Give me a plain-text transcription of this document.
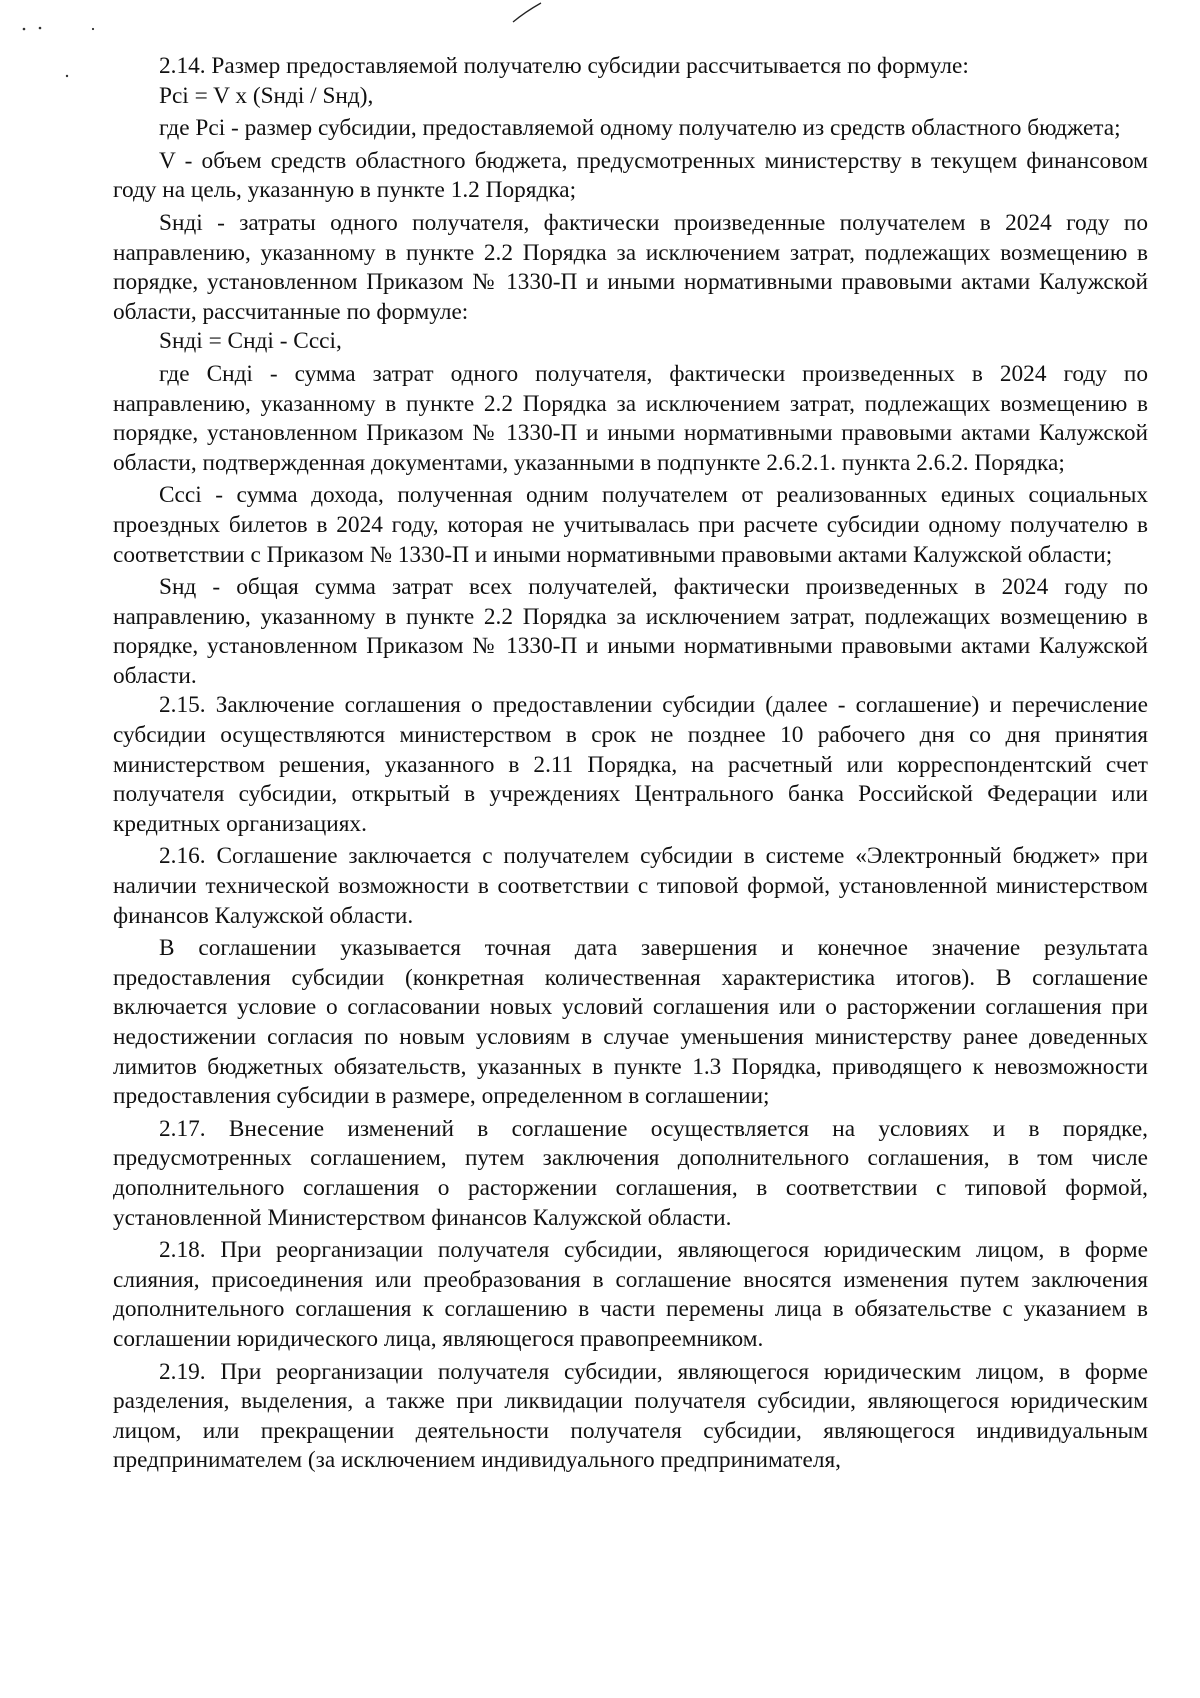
2.14. Размер предоставляемой получателю субсидии рассчитывается по формуле:

Pci = V x (Sндi / Sнд),

где Pci - размер субсидии, предоставляемой одному получателю из средств областного бюджета;

V - объем средств областного бюджета, предусмотренных министерству в текущем финансовом году на цель, указанную в пункте 1.2 Порядка;

Sндi - затраты одного получателя, фактически произведенные получателем в 2024 году по направлению, указанному в пункте 2.2 Порядка за исключением затрат, подлежащих возмещению в порядке, установленном Приказом № 1330-П и иными нормативными правовыми актами Калужской области, рассчитанные по формуле:

Sндi = Cндi - Cccі,

где Cндi - сумма затрат одного получателя, фактически произведенных в 2024 году по направлению, указанному в пункте 2.2 Порядка за исключением затрат, подлежащих возмещению в порядке, установленном Приказом № 1330-П и иными нормативными правовыми актами Калужской области, подтвержденная документами, указанными в подпункте 2.6.2.1. пункта 2.6.2. Порядка;

Cccі - сумма дохода, полученная одним получателем от реализованных единых социальных проездных билетов в 2024 году, которая не учитывалась при расчете субсидии одному получателю в соответствии с Приказом № 1330-П и иными нормативными правовыми актами Калужской области;

Sнд - общая сумма затрат всех получателей, фактически произведенных в 2024 году по направлению, указанному в пункте 2.2 Порядка за исключением затрат, подлежащих возмещению в порядке, установленном Приказом № 1330-П и иными нормативными правовыми актами Калужской области.

2.15. Заключение соглашения о предоставлении субсидии (далее - соглашение) и перечисление субсидии осуществляются министерством в срок не позднее 10 рабочего дня со дня принятия министерством решения, указанного в 2.11 Порядка, на расчетный или корреспондентский счет получателя субсидии, открытый в учреждениях Центрального банка Российской Федерации или кредитных организациях.

2.16. Соглашение заключается с получателем субсидии в системе «Электронный бюджет» при наличии технической возможности в соответствии с типовой формой, установленной министерством финансов Калужской области.

В соглашении указывается точная дата завершения и конечное значение результата предоставления субсидии (конкретная количественная характеристика итогов). В соглашение включается условие о согласовании новых условий соглашения или о расторжении соглашения при недостижении согласия по новым условиям в случае уменьшения министерству ранее доведенных лимитов бюджетных обязательств, указанных в пункте 1.3 Порядка, приводящего к невозможности предоставления субсидии в размере, определенном в соглашении;

2.17. Внесение изменений в соглашение осуществляется на условиях и в порядке, предусмотренных соглашением, путем заключения дополнительного соглашения, в том числе дополнительного соглашения о расторжении соглашения, в соответствии с типовой формой, установленной Министерством финансов Калужской области.

2.18. При реорганизации получателя субсидии, являющегося юридическим лицом, в форме слияния, присоединения или преобразования в соглашение вносятся изменения путем заключения дополнительного соглашения к соглашению в части перемены лица в обязательстве с указанием в соглашении юридического лица, являющегося правопреемником.

2.19. При реорганизации получателя субсидии, являющегося юридическим лицом, в форме разделения, выделения, а также при ликвидации получателя субсидии, являющегося юридическим лицом, или прекращении деятельности получателя субсидии, являющегося индивидуальным предпринимателем (за исключением индивидуального предпринимателя,
